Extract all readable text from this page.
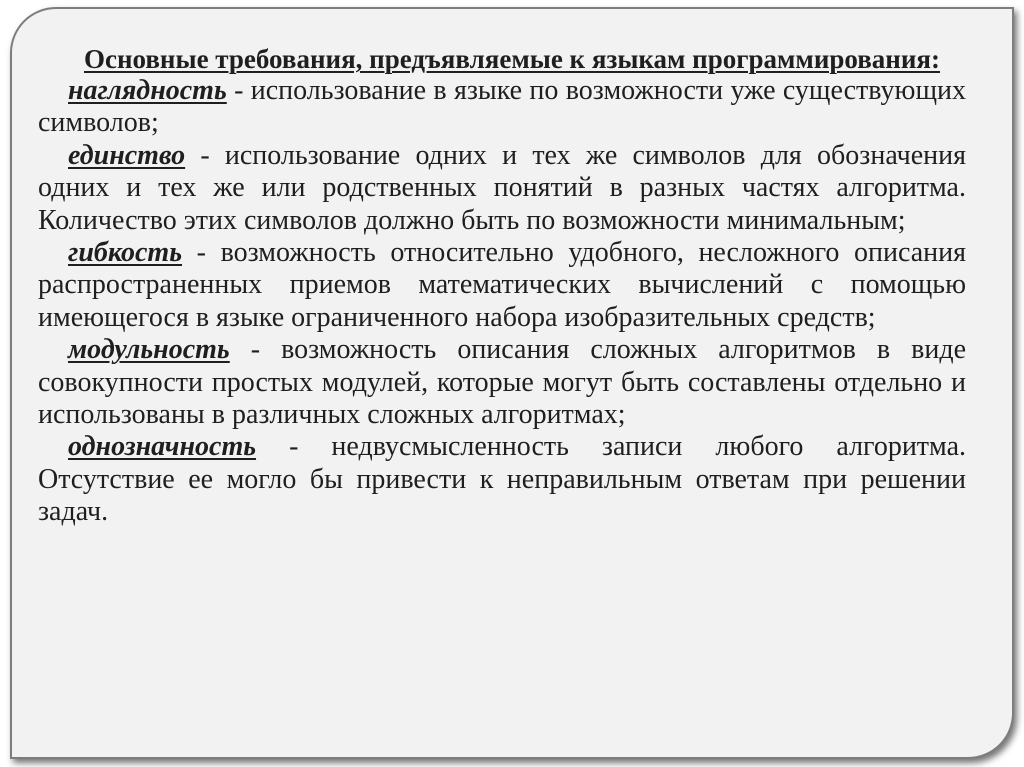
Основные требования, предъявляемые к языкам программирования:
наглядность - использование в языке по возможности уже существующих символов;
единство - использование одних и тех же символов для обозначения одних и тех же или родственных понятий в разных частях алгоритма. Количество этих символов должно быть по возможности минимальным;
гибкость - возможность относительно удобного, несложного описания распространенных приемов математических вычислений с помощью имеющегося в языке ограниченного набора изобразительных средств;
модульность - возможность описания сложных алгоритмов в виде совокупности простых модулей, которые могут быть составлены отдельно и использованы в различных сложных алгоритмах;
однозначность - недвусмысленность записи любого алгоритма. Отсутствие ее могло бы привести к неправильным ответам при решении задач.
